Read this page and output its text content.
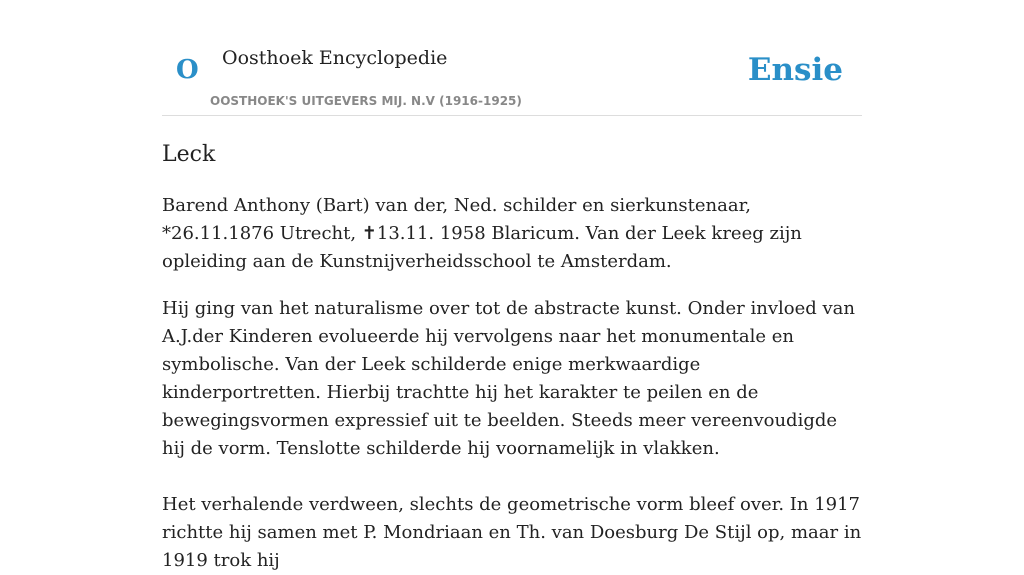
O Oosthoek Encyclopedie
OOSTHOEK'S UITGEVERS MIJ. N.V (1916-1925)
Ensie
Leck

Barend Anthony (Bart) van der, Ned. schilder en sierkunstenaar, *26.11.1876 Utrecht, ✝13.11. 1958 Blaricum. Van der Leek kreeg zijn opleiding aan de Kunstnijverheidsschool te Amsterdam.

Hij ging van het naturalisme over tot de abstracte kunst. Onder invloed van A.J.der Kinderen evolueerde hij vervolgens naar het monumentale en symbolische. Van der Leek schilderde enige merkwaardige kinderportretten. Hierbij trachtte hij het karakter te peilen en de bewegingsvormen expressief uit te beelden. Steeds meer vereenvoudigde hij de vorm. Tenslotte schilderde hij voornamelijk in vlakken.

Het verhalende verdween, slechts de geometrische vorm bleef over. In 1917 richtte hij samen met P. Mondriaan en Th. van Doesburg De Stijl op, maar in 1919 trok hij
